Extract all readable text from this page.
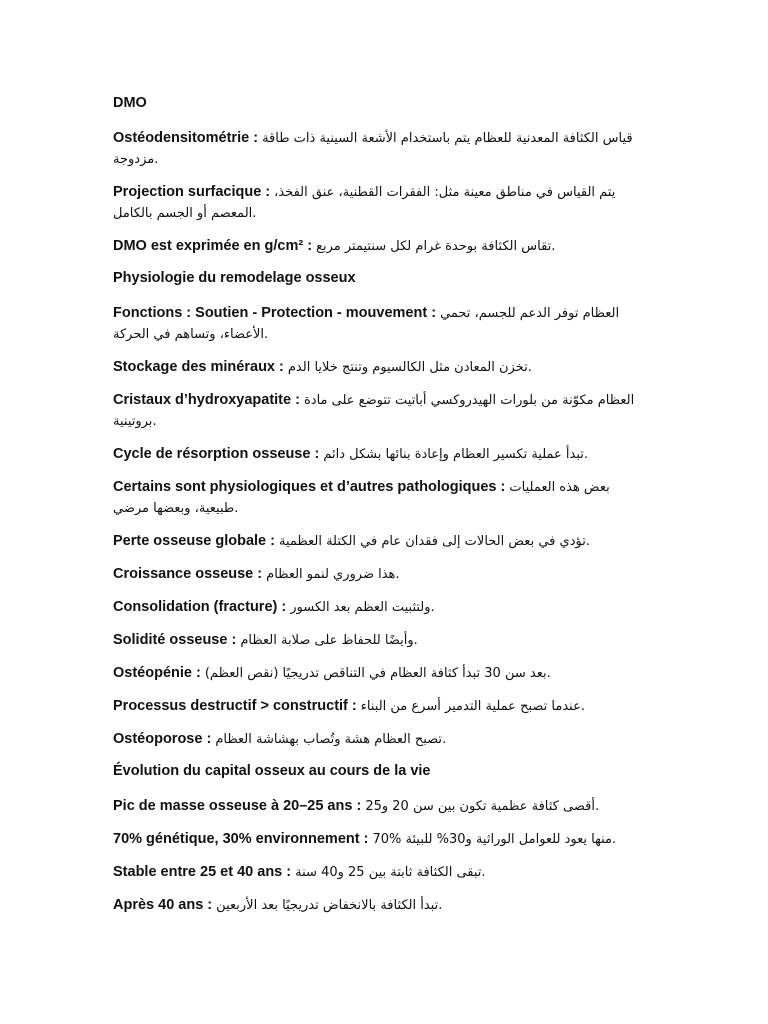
DMO
Ostéodensitométrie : قياس الكثافة المعدنية للعظام يتم باستخدام الأشعة السينية ذات طاقة مزدوجة.
Projection surfacique : يتم القياس في مناطق معينة مثل: الفقرات القطنية، عنق الفخذ، المعصم أو الجسم بالكامل.
DMO est exprimée en g/cm² : تقاس الكثافة بوحدة غرام لكل سنتيمتر مربع.
Physiologie du remodelage osseux
Fonctions : Soutien - Protection - mouvement : العظام توفر الدعم للجسم، تحمي الأعضاء، وتساهم في الحركة.
Stockage des minéraux : تخزن المعادن مثل الكالسيوم وتنتج خلايا الدم.
Cristaux d’hydroxyapatite : العظام مكوّنة من بلورات الهيدروكسي أباتيت تتوضع على مادة بروتينية.
Cycle de résorption osseuse : تبدأ عملية تكسير العظام وإعادة بنائها بشكل دائم.
Certains sont physiologiques et d’autres pathologiques : بعض هذه العمليات طبيعية، وبعضها مرضي.
Perte osseuse globale : تؤدي في بعض الحالات إلى فقدان عام في الكتلة العظمية.
Croissance osseuse : هذا ضروري لنمو العظام.
Consolidation (fracture) : ولتثبيت العظم بعد الكسور.
Solidité osseuse : وأيضًا للحفاظ على صلابة العظام.
Ostéopénie : بعد سن 30 تبدأ كثافة العظام في التناقص تدريجيًا (نقص العظم).
Processus destructif > constructif : عندما تصبح عملية التدمير أسرع من البناء.
Ostéoporose : تصبح العظام هشة وتُصاب بهشاشة العظام.
Évolution du capital osseux au cours de la vie
Pic de masse osseuse à 20–25 ans : أقصى كثافة عظمية تكون بين سن 20 و25.
70% génétique, 30% environnement : 70% منها يعود للعوامل الوراثية و30% للبيئة.
Stable entre 25 et 40 ans : تبقى الكثافة ثابتة بين 25 و40 سنة.
Après 40 ans : تبدأ الكثافة بالانخفاض تدريجيًا بعد الأربعين.
